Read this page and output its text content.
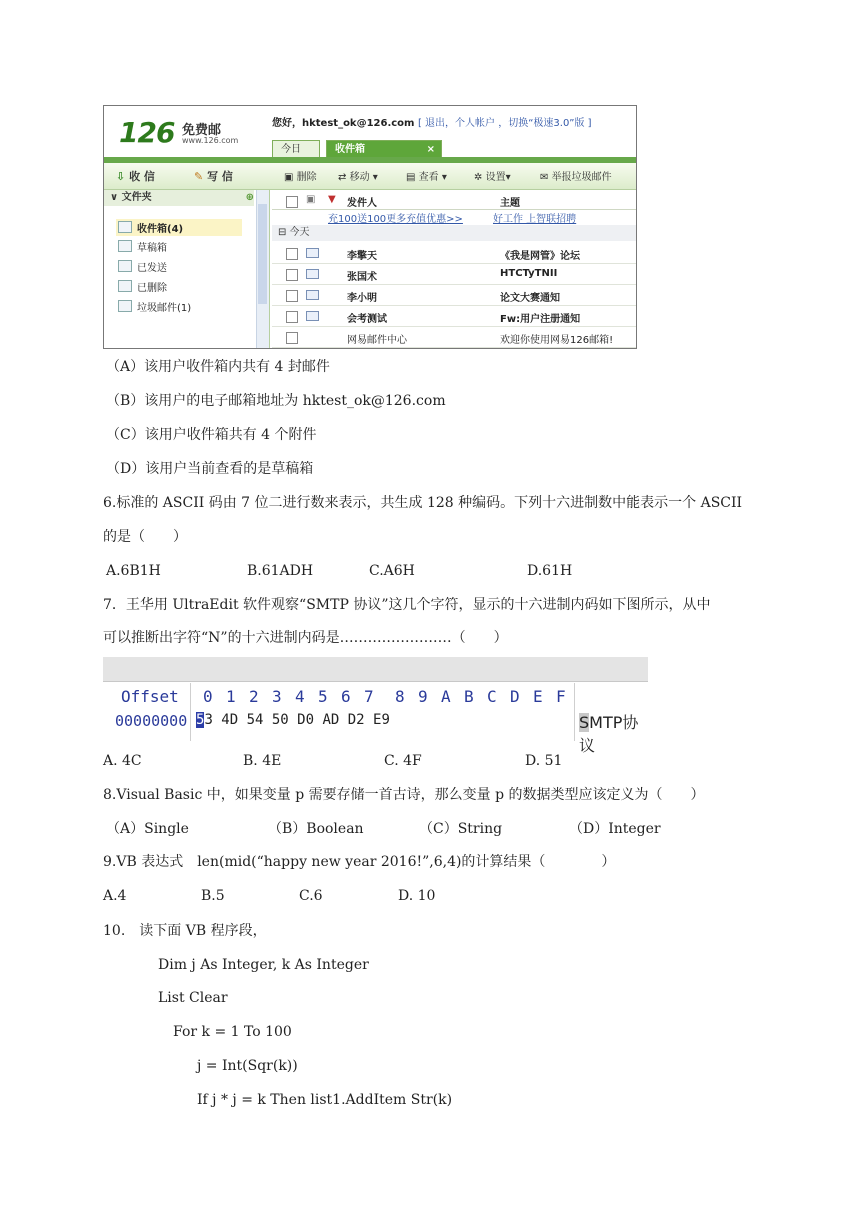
126 免费邮
www.126.com
您好，hktest_ok@126.com [ 退出，个人帐户 ，切换“极速3.0”版 ]
今日	收件箱	×
⇩ 收 信	✎ 写 信	▣ 删除 ⇄ 移动 ▾	▤ 查看 ▾	✲ 设置▾	✉ 举报垃圾邮件
∨ 文件夹	⊕
收件箱(4)
草稿箱
已发送
已删除
垃圾邮件(1)
▣ ▼ 发件人	主题
充100送100更多充值优惠>>	好工作 上智联招聘
⊟ 今天
李擎天	《我是网管》论坛
张国术	HTCTyTNII
李小明	论文大赛通知
会考测试	Fw:用户注册通知
网易邮件中心	欢迎你使用网易126邮箱!
（A）该用户收件箱内共有 4 封邮件
（B）该用户的电子邮箱地址为 hktest_ok@126.com
（C）该用户收件箱共有 4 个附件
（D）该用户当前查看的是草稿箱
6.标准的 ASCII 码由 7 位二进行数来表示，共生成 128 种编码。下列十六进制数中能表示一个 ASCII
的是（　　）
A.6B1H	B.61ADH	C.A6H	D.61H
7．王华用 UltraEdit 软件观察“SMTP 协议”这几个字符，显示的十六进制内码如下图所示，从中
可以推断出字符“N”的十六进制内码是……………………（　　）
Offset 0 1 2 3 4 5 6 7 8 9 A B C D E F
00000000 53 4D 54 50 D0 AD D2 E9	SMTP协议
A. 4C	B. 4E	C. 4F	D. 51
8.Visual Basic 中，如果变量 p 需要存储一首古诗，那么变量 p 的数据类型应该定义为（　　）
（A）Single	（B）Boolean	（C）String	（D）Integer
9.VB 表达式　len(mid(“happy new year 2016!”,6,4)的计算结果（　　　　）
A.4	B.5	C.6	D. 10
10.　读下面 VB 程序段，
Dim j As Integer, k As Integer
List Clear
For k = 1 To 100
j = Int(Sqr(k))
If j * j = k Then list1.AddItem Str(k)
